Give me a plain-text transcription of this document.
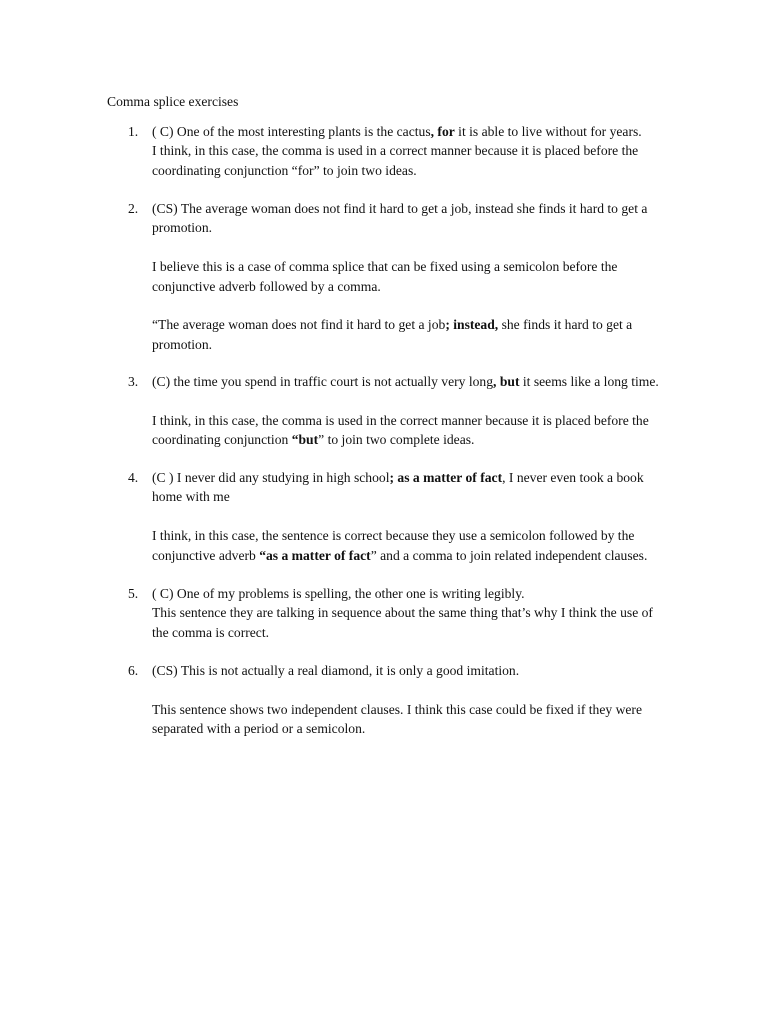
Comma splice exercises
1. ( C) One of the most interesting plants is the cactus, for it is able to live without for years.
I think, in this case, the comma is used in a correct manner because it is placed before the coordinating conjunction “for” to join two ideas.
2. (CS) The average woman does not find it hard to get a job, instead she finds it hard to get a promotion.
I believe this is a case of comma splice that can be fixed using a semicolon before the conjunctive adverb followed by a comma.
“The average woman does not find it hard to get a job; instead, she finds it hard to get a promotion.
3. (C) the time you spend in traffic court is not actually very long, but it seems like a long time.
I think, in this case, the comma is used in the correct manner because it is placed before the coordinating conjunction “but” to join two complete ideas.
4. (C ) I never did any studying in high school; as a matter of fact, I never even took a book home with me
I think, in this case, the sentence is correct because they use a semicolon followed by the conjunctive adverb “as a matter of fact” and a comma to join related independent clauses.
5. ( C) One of my problems is spelling, the other one is writing legibly.
This sentence they are talking in sequence about the same thing that’s why I think the use of the comma is correct.
6. (CS) This is not actually a real diamond, it is only a good imitation.
This sentence shows two independent clauses. I think this case could be fixed if they were separated with a period or a semicolon.
